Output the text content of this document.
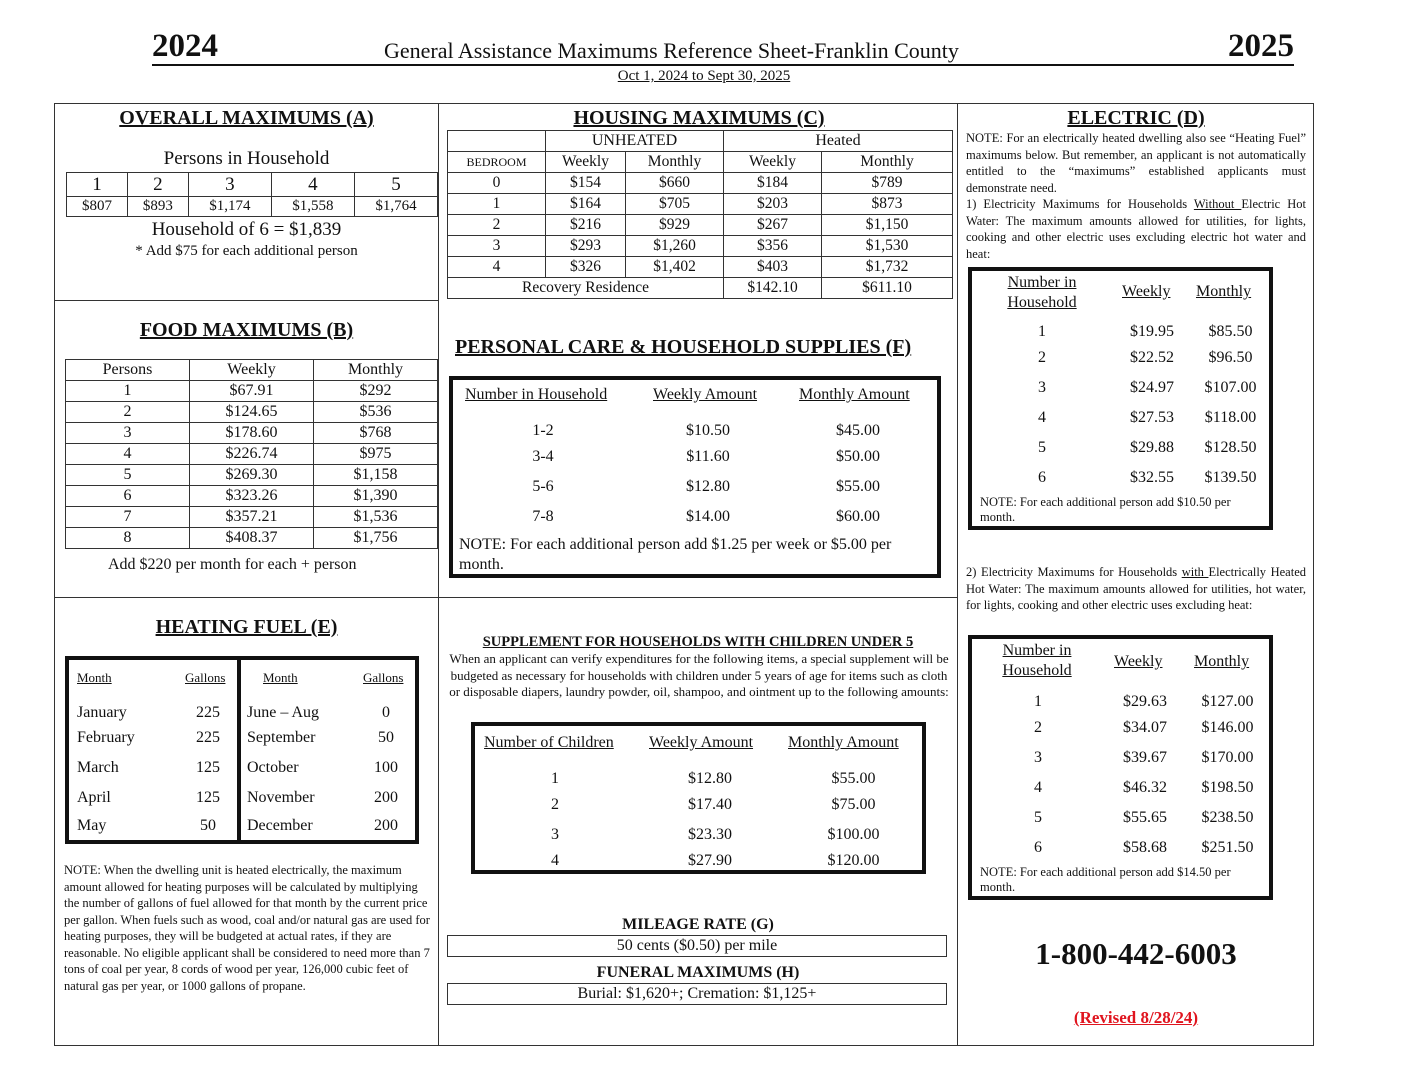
2024	General Assistance Maximums Reference Sheet-Franklin County	2025
Oct 1, 2024 to Sept 30, 2025
OVERALL MAXIMUMS (A)
Persons in Household
1	2	3	4	5
$807	$893	$1,174	$1,558	$1,764
Household of 6 = $1,839
* Add $75 for each additional person
HOUSING MAXIMUMS (C)
	UNHEATED		Heated	
BEDROOM	Weekly	Monthly	Weekly	Monthly
0	$154	$660	$184	$789
1	$164	$705	$203	$873
2	$216	$929	$267	$1,150
3	$293	$1,260	$356	$1,530
4	$326	$1,402	$403	$1,732
Recovery Residence			$142.10	$611.10
ELECTRIC (D)
NOTE: For an electrically heated dwelling also see “Heating Fuel” maximums below. But remember, an applicant is not automatically entitled to the “maximums” established applicants must demonstrate need.
1) Electricity Maximums for Households Without Electric Hot Water: The maximum amounts allowed for utilities, for lights, cooking and other electric uses excluding electric hot water and heat:
Number in Household
Weekly Monthly
1	$19.95	$85.50
2	$22.52	$96.50
3	$24.97	$107.00
4	$27.53	$118.00
5	$29.88	$128.50
6	$32.55	$139.50
NOTE: For each additional person add $10.50 per month.
2) Electricity Maximums for Households with Electrically Heated Hot Water: The maximum amounts allowed for utilities, hot water, for lights, cooking and other electric uses excluding heat:
Number in Household
Weekly Monthly
1	$29.63	$127.00
2	$34.07	$146.00
3	$39.67	$170.00
4	$46.32	$198.50
5	$55.65	$238.50
6	$58.68	$251.50
NOTE: For each additional person add $14.50 per month.
1-800-442-6003
(Revised 8/28/24)
FOOD MAXIMUMS (B)
Persons	Weekly	Monthly
1	$67.91	$292
2	$124.65	$536
3	$178.60	$768
4	$226.74	$975
5	$269.30	$1,158
6	$323.26	$1,390
7	$357.21	$1,536
8	$408.37	$1,756
Add $220 per month for each + person
PERSONAL CARE & HOUSEHOLD SUPPLIES (F)
Number in Household	Weekly Amount	Monthly Amount
1-2	$10.50	$45.00
3-4	$11.60	$50.00
5-6	$12.80	$55.00
7-8	$14.00	$60.00
NOTE: For each additional person add $1.25 per week or $5.00 per month.
HEATING FUEL (E)
Month	Gallons	Month	Gallons
January	225	June – Aug	0
February	225	September	50
March	125	October	100
April	125	November	200
May	50	December	200
NOTE: When the dwelling unit is heated electrically, the maximum amount allowed for heating purposes will be calculated by multiplying the number of gallons of fuel allowed for that month by the current price per gallon. When fuels such as wood, coal and/or natural gas are used for heating purposes, they will be budgeted at actual rates, if they are reasonable. No eligible applicant shall be considered to need more than 7 tons of coal per year, 8 cords of wood per year, 126,000 cubic feet of natural gas per year, or 1000 gallons of propane.
SUPPLEMENT FOR HOUSEHOLDS WITH CHILDREN UNDER 5
When an applicant can verify expenditures for the following items, a special supplement will be budgeted as necessary for households with children under 5 years of age for items such as cloth or disposable diapers, laundry powder, oil, shampoo, and ointment up to the following amounts:
Number of Children Weekly Amount Monthly Amount
1	$12.80	$55.00
2	$17.40	$75.00
3	$23.30	$100.00
4	$27.90	$120.00
MILEAGE RATE (G)
50 cents ($0.50) per mile
FUNERAL MAXIMUMS (H)
Burial: $1,620+; Cremation: $1,125+
